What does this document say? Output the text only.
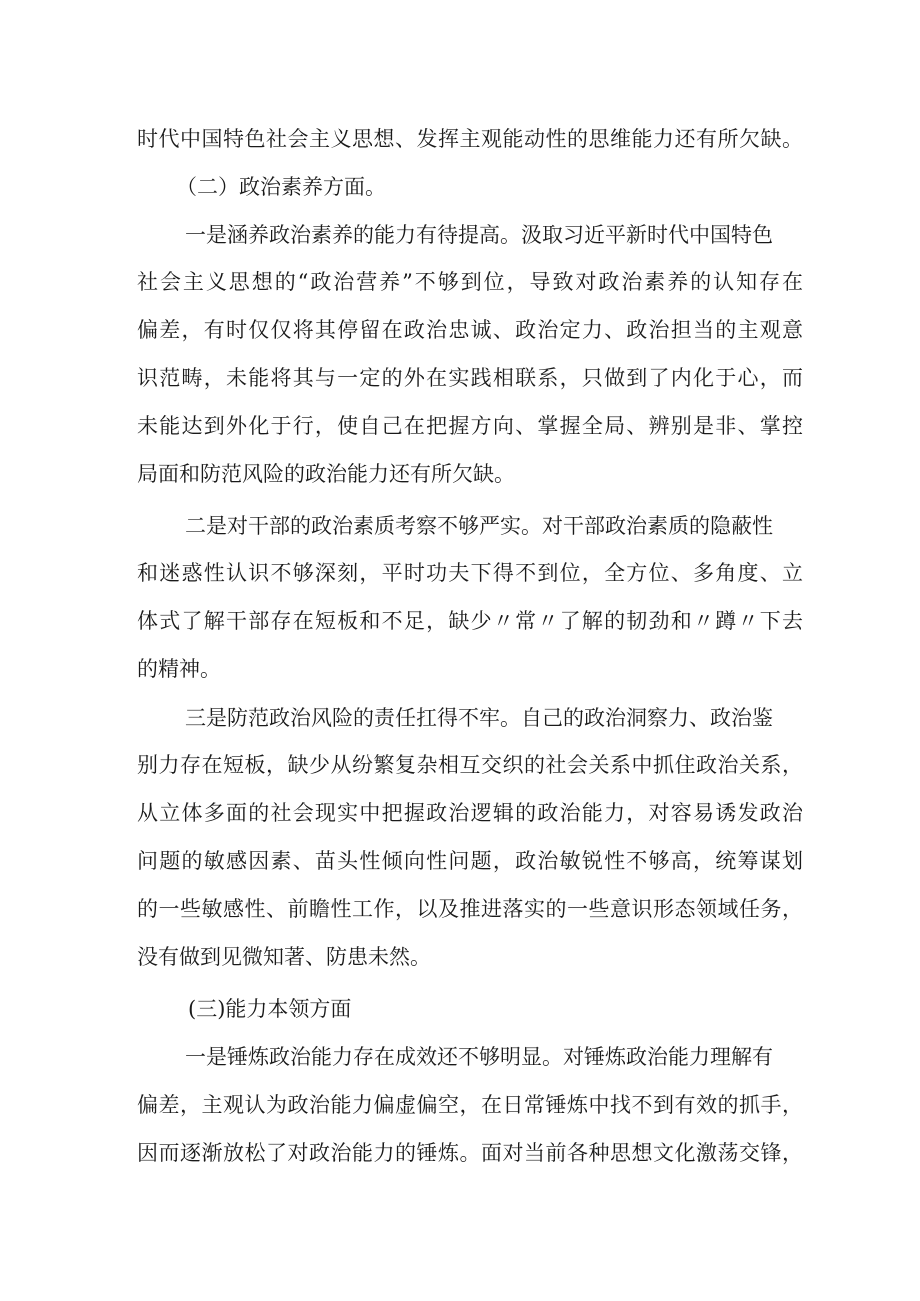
时代中国特色社会主义思想、发挥主观能动性的思维能力还有所欠缺。
（二）政治素养方面。
一是涵养政治素养的能力有待提高。汲取习近平新时代中国特色
社会主义思想的“政治营养”不够到位，导致对政治素养的认知存在
偏差，有时仅仅将其停留在政治忠诚、政治定力、政治担当的主观意
识范畴，未能将其与一定的外在实践相联系，只做到了内化于心，而
未能达到外化于行，使自己在把握方向、掌握全局、辨别是非、掌控
局面和防范风险的政治能力还有所欠缺。
二是对干部的政治素质考察不够严实。对干部政治素质的隐蔽性
和迷惑性认识不够深刻，平时功夫下得不到位，全方位、多角度、立
体式了解干部存在短板和不足，缺少〃常〃了解的韧劲和〃蹲〃下去
的精神。
三是防范政治风险的责任扛得不牢。自己的政治洞察力、政治鉴
别力存在短板，缺少从纷繁复杂相互交织的社会关系中抓住政治关系，
从立体多面的社会现实中把握政治逻辑的政治能力，对容易诱发政治
问题的敏感因素、苗头性倾向性问题，政治敏锐性不够高，统筹谋划
的一些敏感性、前瞻性工作，以及推进落实的一些意识形态领域任务，
没有做到见微知著、防患未然。
(三)能力本领方面
一是锤炼政治能力存在成效还不够明显。对锤炼政治能力理解有
偏差，主观认为政治能力偏虚偏空，在日常锤炼中找不到有效的抓手，
因而逐渐放松了对政治能力的锤炼。面对当前各种思想文化激荡交锋，
